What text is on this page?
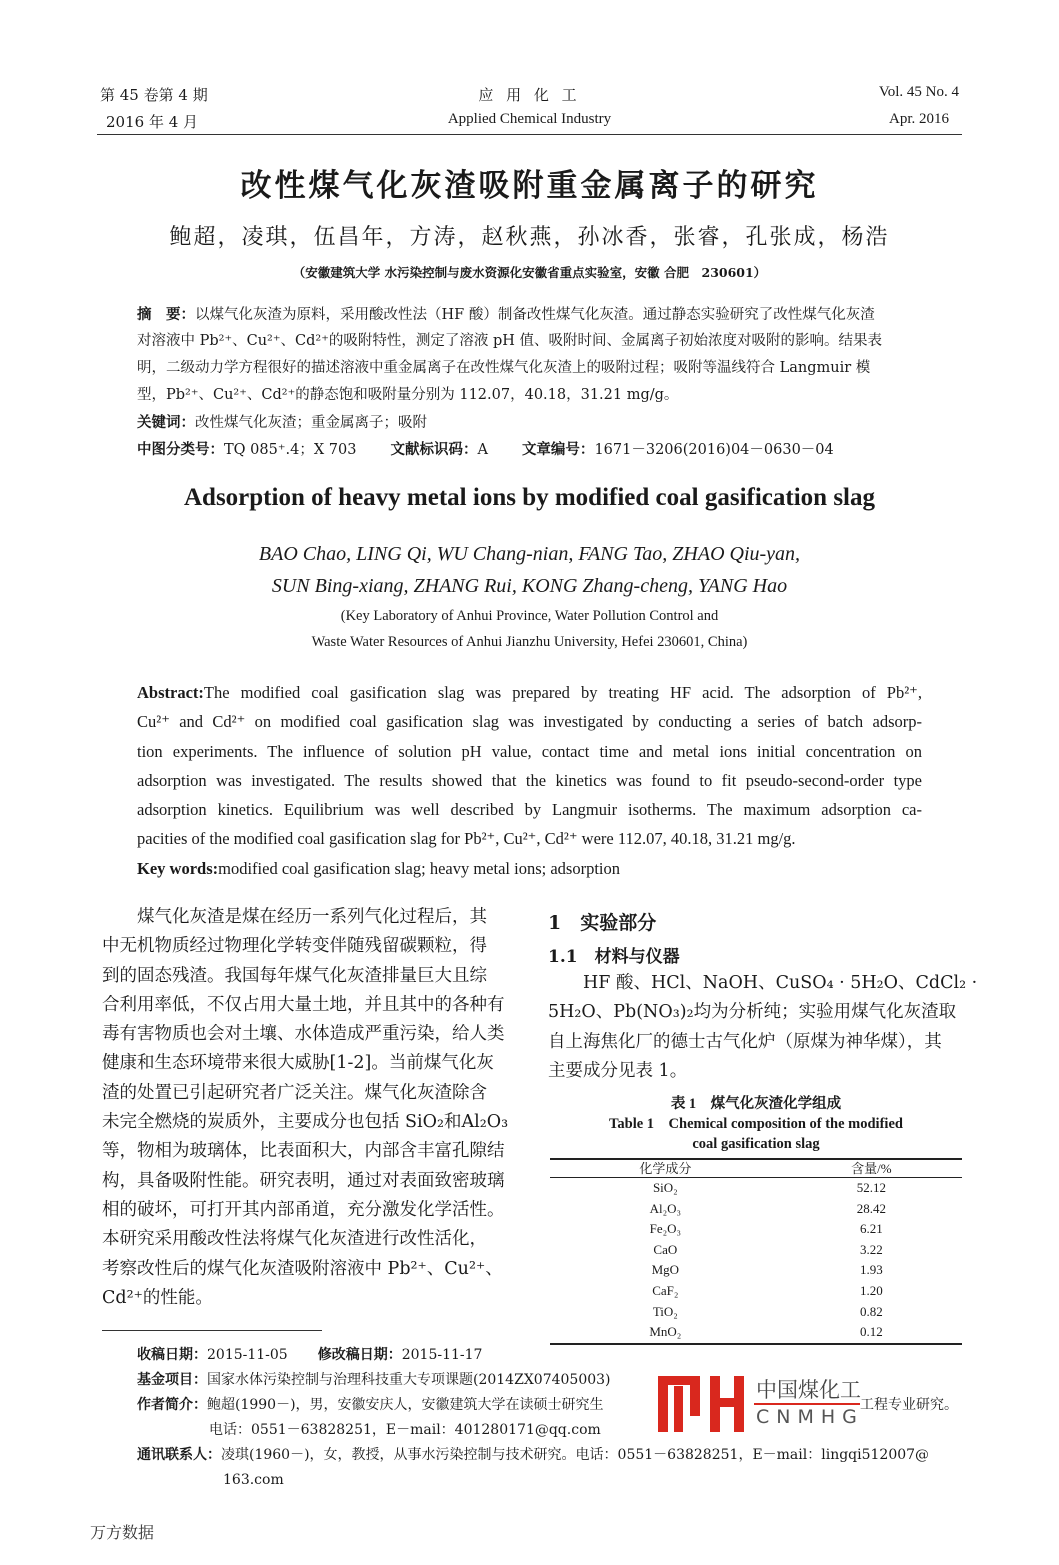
第 45 卷第 4 期
2016 年 4 月
应 用 化 工
Applied Chemical Industry
Vol. 45 No. 4
Apr. 2016
改性煤气化灰渣吸附重金属离子的研究
鲍超，凌琪，伍昌年，方涛，赵秋燕，孙冰香，张睿，孔张成，杨浩
（安徽建筑大学 水污染控制与废水资源化安徽省重点实验室，安徽 合肥　230601）
摘　要：以煤气化灰渣为原料，采用酸改性法（HF 酸）制备改性煤气化灰渣。通过静态实验研究了改性煤气化灰渣
对溶液中 Pb²⁺、Cu²⁺、Cd²⁺的吸附特性，测定了溶液 pH 值、吸附时间、金属离子初始浓度对吸附的影响。结果表
明，二级动力学方程很好的描述溶液中重金属离子在改性煤气化灰渣上的吸附过程；吸附等温线符合 Langmuir 模
型，Pb²⁺、Cu²⁺、Cd²⁺的静态饱和吸附量分别为 112.07，40.18，31.21 mg/g。
关键词：改性煤气化灰渣；重金属离子；吸附
中图分类号：TQ 085⁺.4；X 703 文献标识码：A 文章编号：1671－3206(2016)04－0630－04
Adsorption of heavy metal ions by modified coal gasification slag
BAO Chao, LING Qi, WU Chang-nian, FANG Tao, ZHAO Qiu-yan,
SUN Bing-xiang, ZHANG Rui, KONG Zhang-cheng, YANG Hao
(Key Laboratory of Anhui Province, Water Pollution Control and
Waste Water Resources of Anhui Jianzhu University, Hefei 230601, China)
Abstract:The modified coal gasification slag was prepared by treating HF acid. The adsorption of Pb²⁺,
Cu²⁺ and Cd²⁺ on modified coal gasification slag was investigated by conducting a series of batch adsorp-
tion experiments. The influence of solution pH value, contact time and metal ions initial concentration on
adsorption was investigated. The results showed that the kinetics was found to fit pseudo-second-order type
adsorption kinetics. Equilibrium was well described by Langmuir isotherms. The maximum adsorption ca-
pacities of the modified coal gasification slag for Pb²⁺, Cu²⁺, Cd²⁺ were 112.07, 40.18, 31.21 mg/g.
Key words:modified coal gasification slag; heavy metal ions; adsorption
　　煤气化灰渣是煤在经历一系列气化过程后，其
中无机物质经过物理化学转变伴随残留碳颗粒，得
到的固态残渣。我国每年煤气化灰渣排量巨大且综
合利用率低，不仅占用大量土地，并且其中的各种有
毒有害物质也会对土壤、水体造成严重污染，给人类
健康和生态环境带来很大威胁[1-2]。当前煤气化灰
渣的处置已引起研究者广泛关注。煤气化灰渣除含
未完全燃烧的炭质外，主要成分也包括 SiO₂和Al₂O₃
等，物相为玻璃体，比表面积大，内部含丰富孔隙结
构，具备吸附性能。研究表明，通过对表面致密玻璃
相的破坏，可打开其内部甬道，充分激发化学活性。
本研究采用酸改性法将煤气化灰渣进行改性活化，
考察改性后的煤气化灰渣吸附溶液中 Pb²⁺、Cu²⁺、
Cd²⁺的性能。
1　实验部分
1.1　材料与仪器
　　HF 酸、HCl、NaOH、CuSO₄ · 5H₂O、CdCl₂ ·
5H₂O、Pb(NO₃)₂均为分析纯；实验用煤气化灰渣取
自上海焦化厂的德士古气化炉（原煤为神华煤），其
主要成分见表 1。
表 1　煤气化灰渣化学组成
Table 1　Chemical composition of the modified
coal gasification slag
化学成分	含量/%
SiO₂	52.12
Al₂O₃	28.42
Fe₂O₃	6.21
CaO	3.22
MgO	1.93
CaF₂	1.20
TiO₂	0.82
MnO₂	0.12
收稿日期：2015-11-05 修改稿日期：2015-11-17
基金项目：国家水体污染控制与治理科技重大专项课题(2014ZX07405003)
作者简介：鲍超(1990－)，男，安徽安庆人，安徽建筑大学在读硕士研究生	工程专业研究。
电话：0551－63828251，E－mail：401280171@qq.com
通讯联系人：凌琪(1960－)，女，教授，从事水污染控制与技术研究。电话：0551－63828251，E－mail：lingqi512007@
163.com
中国煤化工
CNMHG
万方数据
